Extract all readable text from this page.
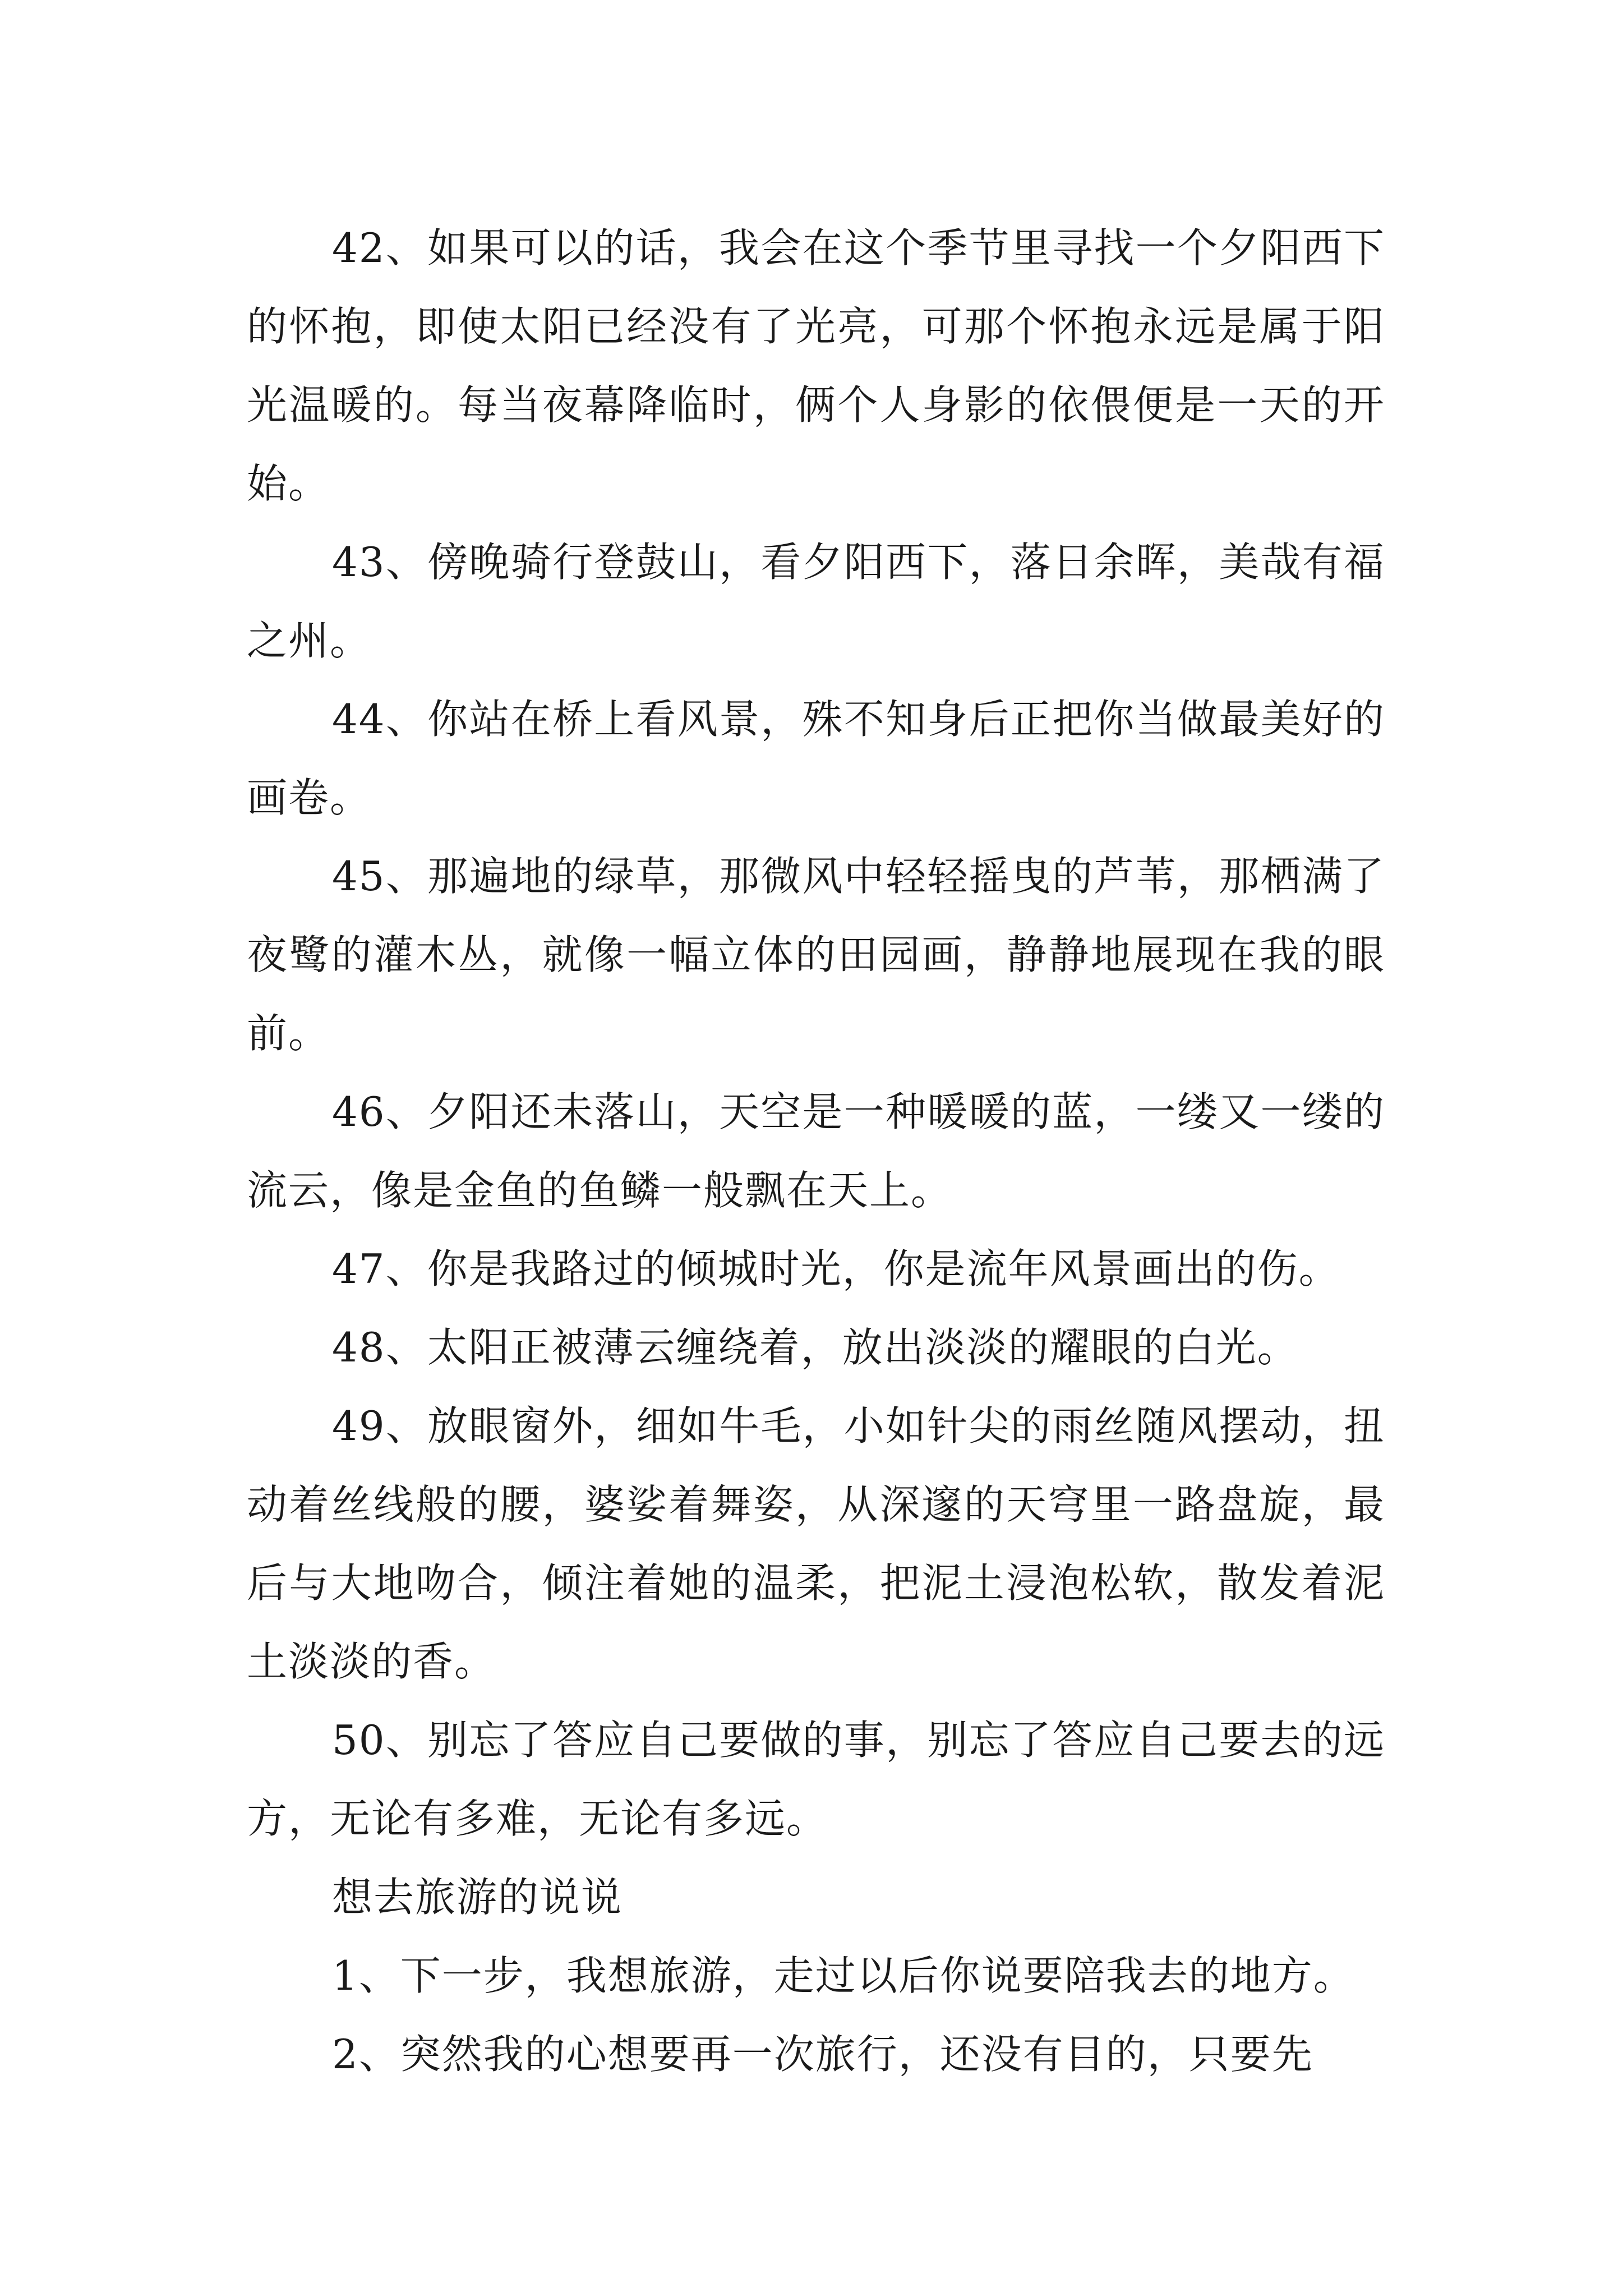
42、如果可以的话，我会在这个季节里寻找一个夕阳西下的怀抱，即使太阳已经没有了光亮，可那个怀抱永远是属于阳光温暖的。每当夜幕降临时，俩个人身影的依偎便是一天的开始。

43、傍晚骑行登鼓山，看夕阳西下，落日余晖，美哉有福之州。

44、你站在桥上看风景，殊不知身后正把你当做最美好的画卷。

45、那遍地的绿草，那微风中轻轻摇曳的芦苇，那栖满了夜鹭的灌木丛，就像一幅立体的田园画，静静地展现在我的眼前。

46、夕阳还未落山，天空是一种暖暖的蓝，一缕又一缕的流云，像是金鱼的鱼鳞一般飘在天上。

47、你是我路过的倾城时光，你是流年风景画出的伤。

48、太阳正被薄云缠绕着，放出淡淡的耀眼的白光。

49、放眼窗外，细如牛毛，小如针尖的雨丝随风摆动，扭动着丝线般的腰，婆娑着舞姿，从深邃的天穹里一路盘旋，最后与大地吻合，倾注着她的温柔，把泥土浸泡松软，散发着泥土淡淡的香。

50、别忘了答应自己要做的事，别忘了答应自己要去的远方，无论有多难，无论有多远。

想去旅游的说说

1、下一步，我想旅游，走过以后你说要陪我去的地方。

2、突然我的心想要再一次旅行，还没有目的，只要先
